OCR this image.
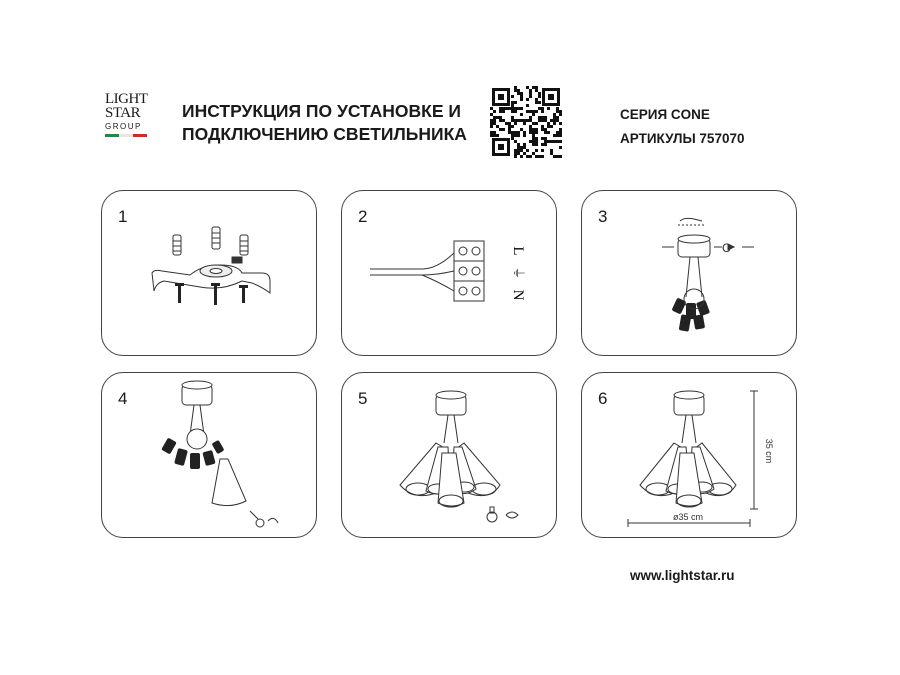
LIGHT
STAR
GROUP
ИНСТРУКЦИЯ ПО УСТАНОВКЕ И
ПОДКЛЮЧЕНИЮ СВЕТИЛЬНИКА
СЕРИЯ CONE
АРТИКУЛЫ 757070
1	2
L
⏚
N
3
C
4	5	6
35 cm
ø35 cm
www.lightstar.ru
